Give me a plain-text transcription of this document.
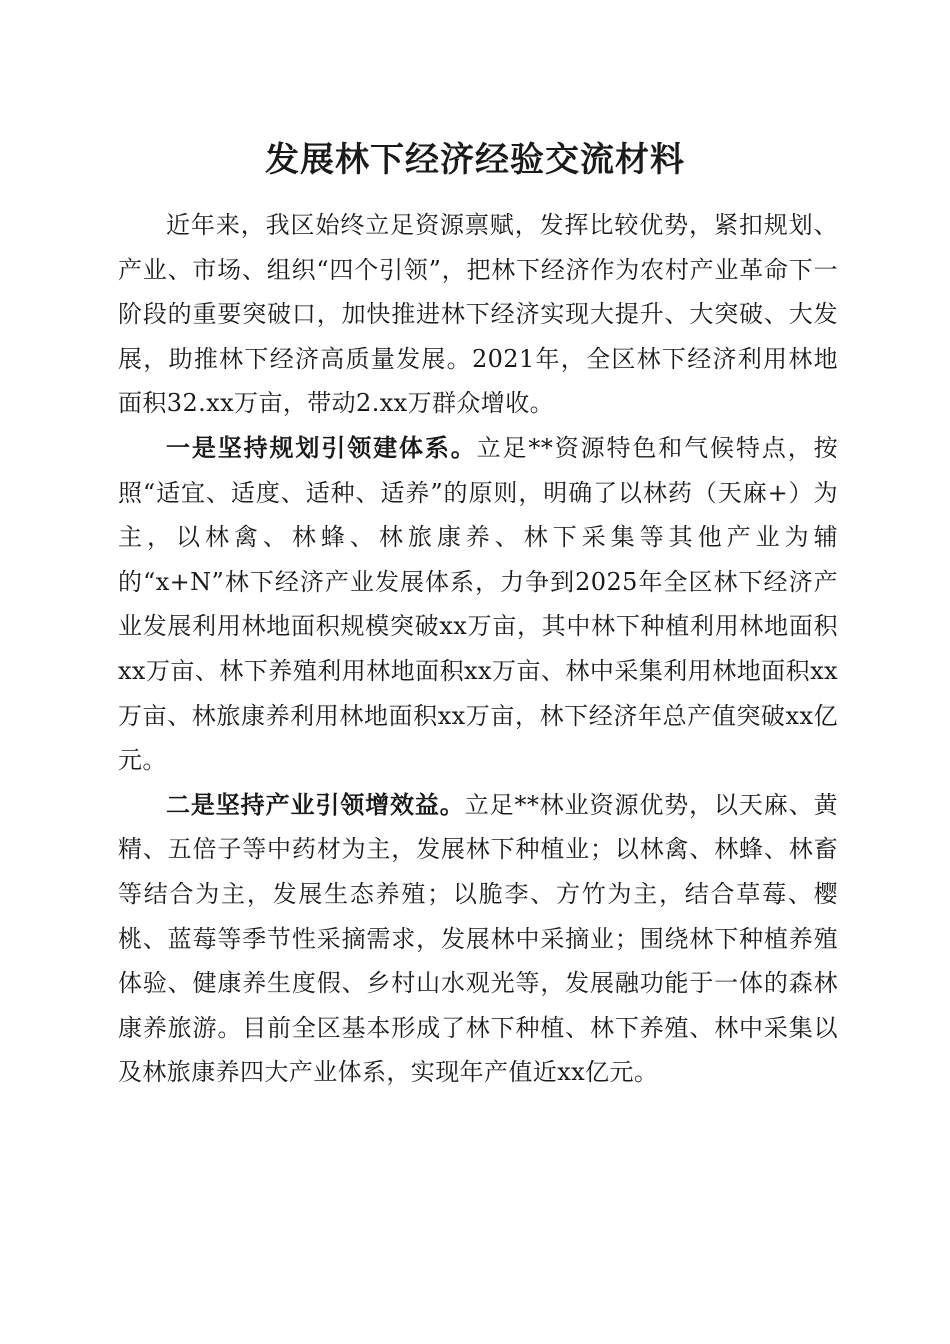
发展林下经济经验交流材料

近年来，我区始终立足资源禀赋，发挥比较优势，紧扣规划、产业、市场、组织“四个引领”，把林下经济作为农村产业革命下一阶段的重要突破口，加快推进林下经济实现大提升、大突破、大发展，助推林下经济高质量发展。2021年，全区林下经济利用林地面积32.xx万亩，带动2.xx万群众增收。

一是坚持规划引领建体系。立足**资源特色和气候特点，按照“适宜、适度、适种、适养”的原则，明确了以林药（天麻+）为主，以林禽、林蜂、林旅康养、林下采集等其他产业为辅的“x+N”林下经济产业发展体系，力争到2025年全区林下经济产业发展利用林地面积规模突破xx万亩，其中林下种植利用林地面积xx万亩、林下养殖利用林地面积xx万亩、林中采集利用林地面积xx万亩、林旅康养利用林地面积xx万亩，林下经济年总产值突破xx亿元。

二是坚持产业引领增效益。立足**林业资源优势，以天麻、黄精、五倍子等中药材为主，发展林下种植业；以林禽、林蜂、林畜等结合为主，发展生态养殖；以脆李、方竹为主，结合草莓、樱桃、蓝莓等季节性采摘需求，发展林中采摘业；围绕林下种植养殖体验、健康养生度假、乡村山水观光等，发展融功能于一体的森林康养旅游。目前全区基本形成了林下种植、林下养殖、林中采集以及林旅康养四大产业体系，实现年产值近xx亿元。
